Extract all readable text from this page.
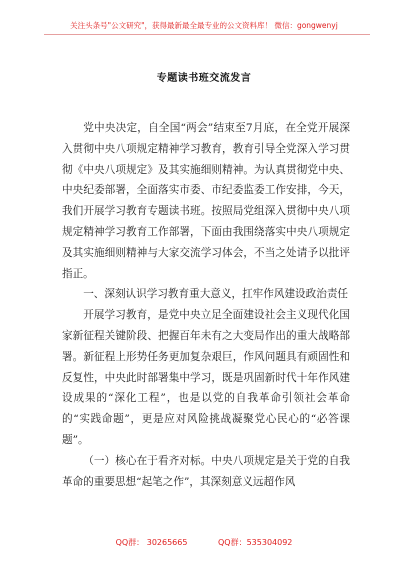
关注头条号"公文研究"，获得最新最全最专业的公文资料库！ 微信：gongwenyj
专题读书班交流发言

党中央决定，自全国“两会”结束至7月底，在全党开展深入贯彻中央八项规定精神学习教育，教育引导全党深入学习贯彻《中央八项规定》及其实施细则精神。为认真贯彻党中央、中央纪委部署，全面落实市委、市纪委监委工作安排，今天，我们开展学习教育专题读书班。按照局党组深入贯彻中央八项规定精神学习教育工作部署，下面由我围绕落实中央八项规定及其实施细则精神与大家交流学习体会，不当之处请予以批评指正。

一、深刻认识学习教育重大意义，扛牢作风建设政治责任

开展学习教育，是党中央立足全面建设社会主义现代化国家新征程关键阶段、把握百年未有之大变局作出的重大战略部署。新征程上形势任务更加复杂艰巨，作风问题具有顽固性和反复性，中央此时部署集中学习，既是巩固新时代十年作风建设成果的“深化工程”，也是以党的自我革命引领社会革命的“实践命题”，更是应对风险挑战凝聚党心民心的“必答课题”。

（一）核心在于看齐对标。中央八项规定是关于党的自我革命的重要思想“起笔之作”，其深刻意义远超作风

QQ群： 30265665	QQ群：535304092
